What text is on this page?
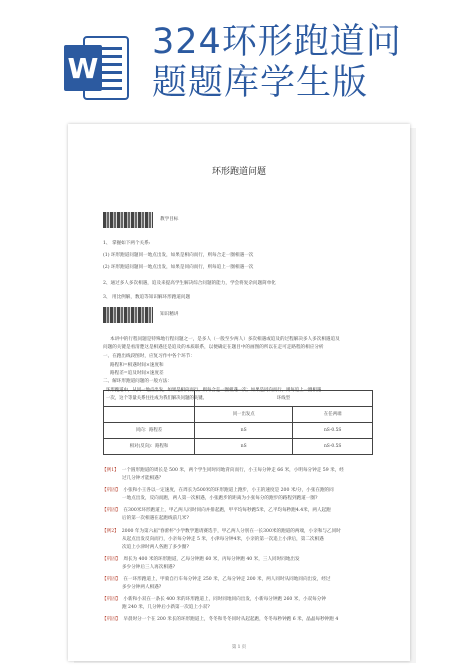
W
324环形跑道问
题题库学生版
环形跑道问题
教学目标
1、 掌握如下两个关系:
(1) 环形跑道问题同一地点出发，如果是相向而行，则每合走一圈相遇一次
(2) 环形跑道问题同一地点出发，如果是同向而行，则每追上一圈相遇一次
2、通过多人多次相遇，追及来提高学生解决综合问题的能力，学会将复杂问题简单化
3、 用比例解，数追等知识解环形跑道问题
知识精讲
本讲中的行程问题是特殊地行程问题之一，是多人（一般至少两人）多次相遇或追及的过程解决多人多次相遇追及
问题的关键是看清楚这是相遇还是追及的本质联系，以便确定在题目中的画图的所以在走可走路程的相应分析
一、在跑出线段图时，应复习作中各个环节：
路程和=相遇时间×速度和
路程差=追及时间×速度差
二、解环形跑道问题的一般方法：
	环线型	
	同一出发点	在任两端
同向：路程差	nS	nS-0.5S
相对(反向)：路程和	nS	nS-0.5S
环形跑道中，从同一地点出发，如果是相向而行，则每合走一圈相遇一次；如果是同向而行，则每追上一圈相遇
一次，这个等量关系往往成为我们解决问题的关键。
【例1】 一个圆形跑道的周长是 500 米，两个学生同时同地背向而行，小王每分钟走 66 米，小明每分钟走 59 米，经
过几分钟才能相遇？
【巩固】 小张和小王各以一定速度，在周长为500米的环形跑道上跑步，小王的速度是 200 米/分，小张在跑的同
一地点出发，反向而跑，两人第一次相遇，小张跑步的距离为小张每分的跑步的路程到跑道一圈?
【巩固】 在300米环形跑道上，甲乙两人同时同向并排起跑，甲平均每秒跑5米，乙平均每秒跑4.4米，两人起跑
后的第一次相遇在起跑线前几米?
【例2】 2000 年为第六届"春蕾杯"小学数学邀请赛选手，甲乙两人分别在一长300米的跑道的两端，小亲和与乙同时
从起点出发反向而行，小亲每分钟走 5 米，小津每分钟4米，小亲的第一次追上小津后，第二次相遇
次追上小津时两人各跑了多少圈?
【巩固】 周长为 400 米的环形跑道，乙每分钟跑 60 米，丙每分钟跑 40 米，三人同时同地出发
多少分钟后三人再次相遇?
【巩固】 在一环形跑道上，甲骑自行车每分钟走 250 米，乙每分钟走 200 米，两人同时从同地同向出发，经过
多少分钟两人相遇?
【巩固】 小新和小双在一条长 400 米的环形跑道上，同时同地同向出发，小新每分钟跑 260 米，小双每分钟
跑 240 米，几分钟后小新第一次追上小双?
【巩固】 早晨时分一个在 200 米长的环形跑道上，冬冬和冬冬同时从起起跑，冬冬每秒钟跑 6 米，晶晶每秒钟跑 4
第 1 页
